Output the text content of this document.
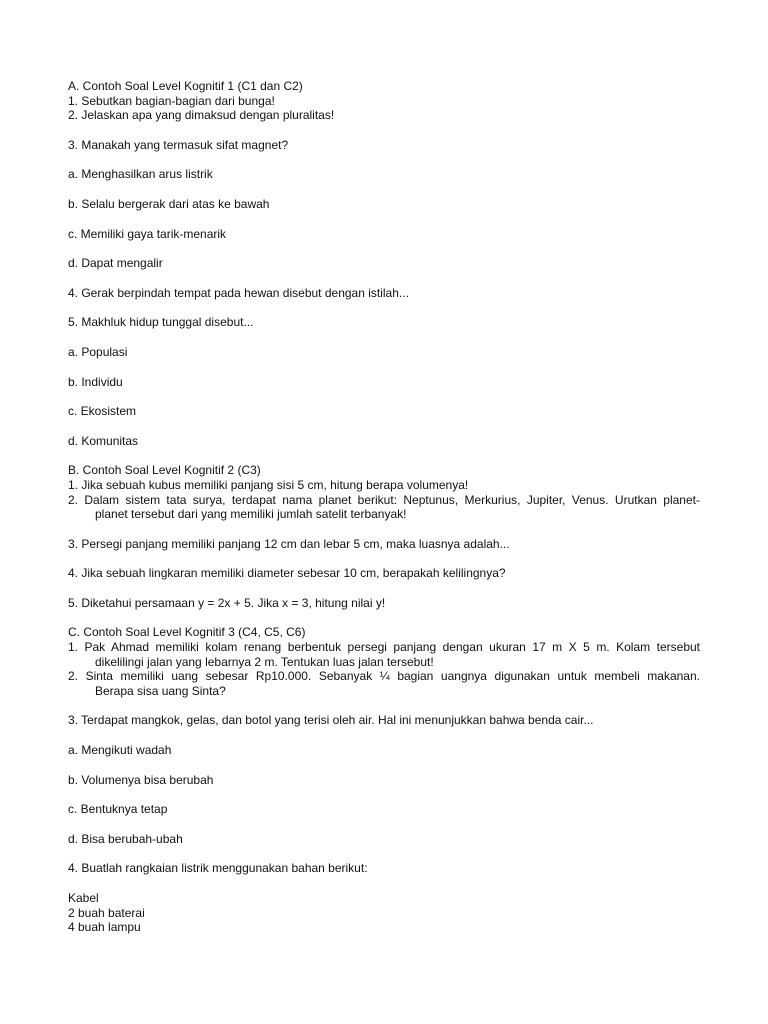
A. Contoh Soal Level Kognitif 1 (C1 dan C2)
1. Sebutkan bagian-bagian dari bunga!
2. Jelaskan apa yang dimaksud dengan pluralitas!
3. Manakah yang termasuk sifat magnet?
a. Menghasilkan arus listrik
b. Selalu bergerak dari atas ke bawah
c. Memiliki gaya tarik-menarik
d. Dapat mengalir
4. Gerak berpindah tempat pada hewan disebut dengan istilah...
5. Makhluk hidup tunggal disebut...
a. Populasi
b. Individu
c. Ekosistem
d. Komunitas
B. Contoh Soal Level Kognitif 2 (C3)
1. Jika sebuah kubus memiliki panjang sisi 5 cm, hitung berapa volumenya!
2. Dalam sistem tata surya, terdapat nama planet berikut: Neptunus, Merkurius, Jupiter, Venus. Urutkan planet-
planet tersebut dari yang memiliki jumlah satelit terbanyak!
3. Persegi panjang memiliki panjang 12 cm dan lebar 5 cm, maka luasnya adalah...
4. Jika sebuah lingkaran memiliki diameter sebesar 10 cm, berapakah kelilingnya?
5. Diketahui persamaan y = 2x + 5. Jika x = 3, hitung nilai y!
C. Contoh Soal Level Kognitif 3 (C4, C5, C6)
1. Pak Ahmad memiliki kolam renang berbentuk persegi panjang dengan ukuran 17 m X 5 m. Kolam tersebut
dikelilingi jalan yang lebarnya 2 m. Tentukan luas jalan tersebut!
2. Sinta memiliki uang sebesar Rp10.000. Sebanyak ¼ bagian uangnya digunakan untuk membeli makanan.
Berapa sisa uang Sinta?
3. Terdapat mangkok, gelas, dan botol yang terisi oleh air. Hal ini menunjukkan bahwa benda cair...
a. Mengikuti wadah
b. Volumenya bisa berubah
c. Bentuknya tetap
d. Bisa berubah-ubah
4. Buatlah rangkaian listrik menggunakan bahan berikut:
Kabel
2 buah baterai
4 buah lampu
